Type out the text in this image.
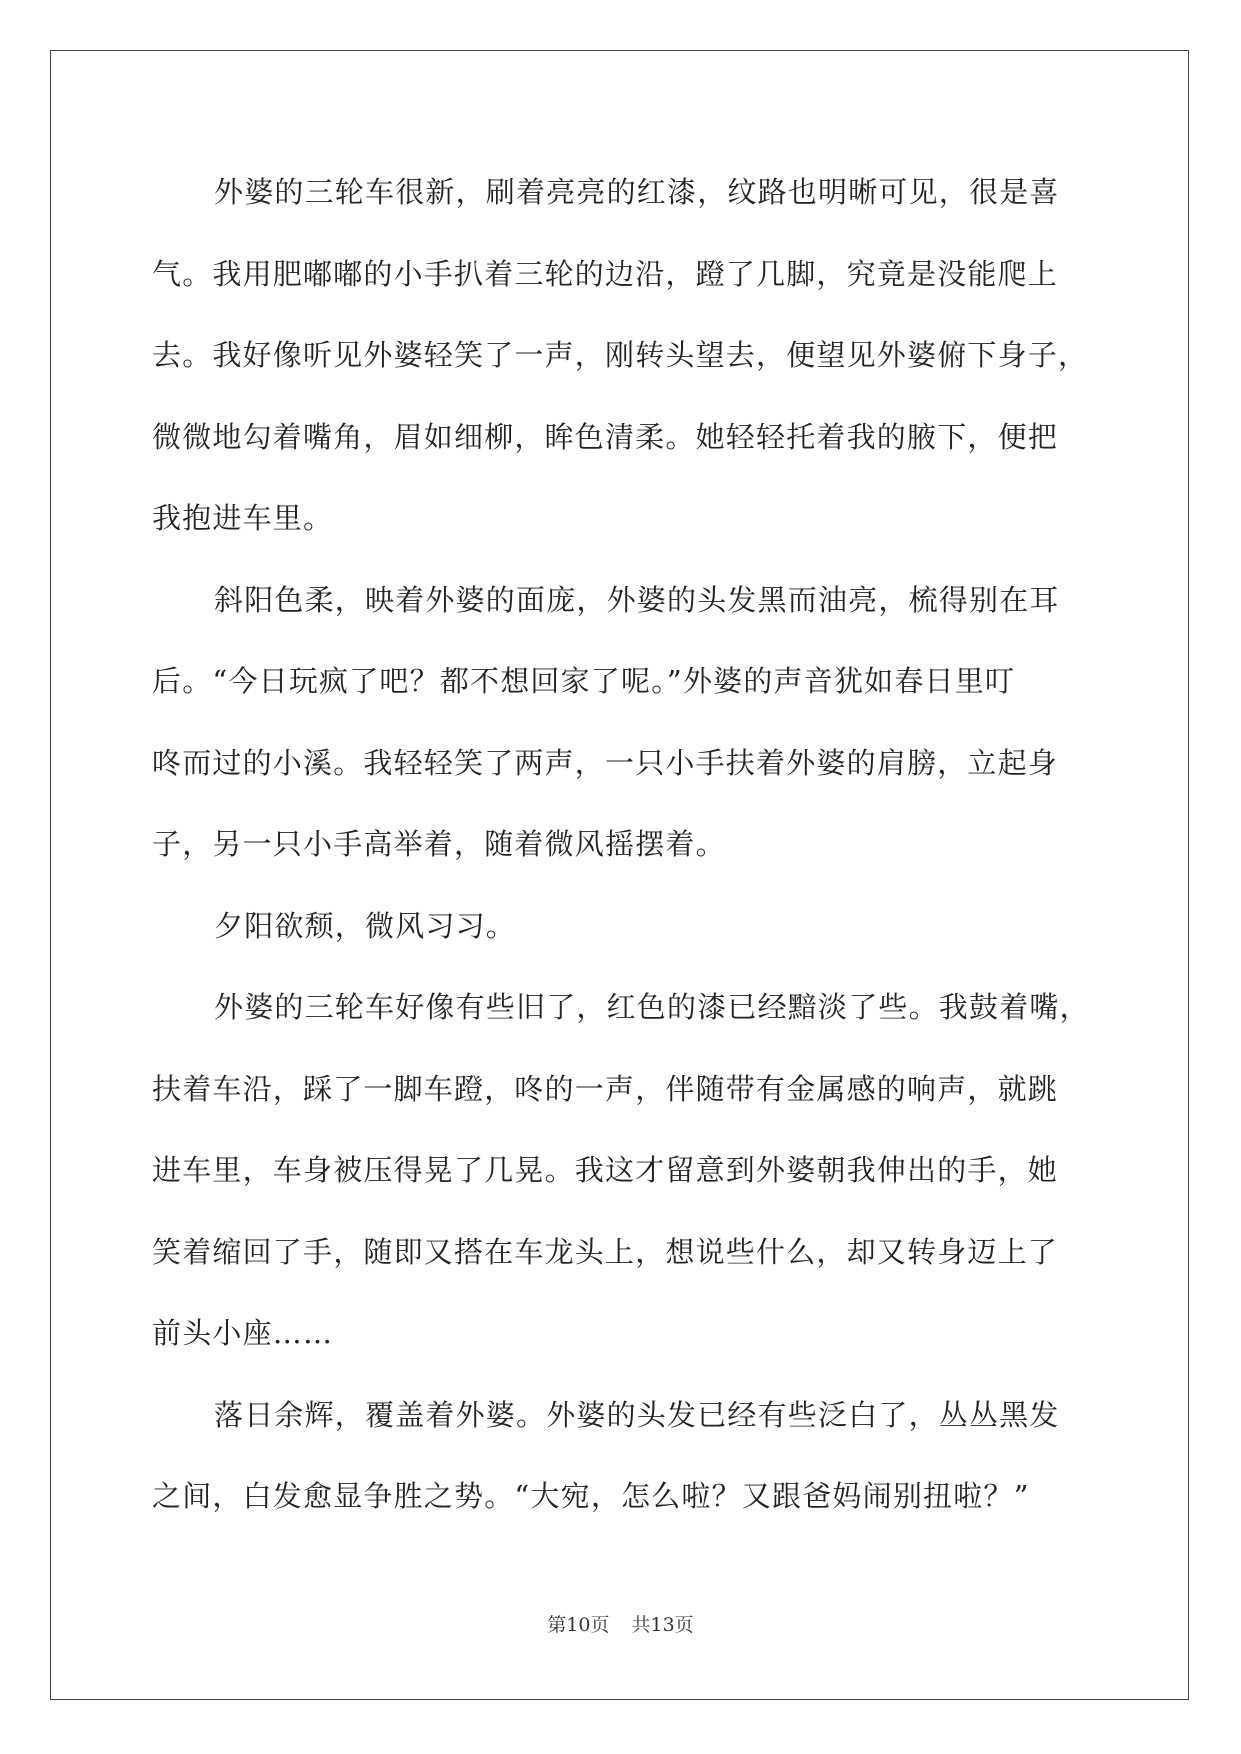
外婆的三轮车很新，刷着亮亮的红漆，纹路也明晰可见，很是喜
气。我用肥嘟嘟的小手扒着三轮的边沿，蹬了几脚，究竟是没能爬上
去。我好像听见外婆轻笑了一声，刚转头望去，便望见外婆俯下身子，
微微地勾着嘴角，眉如细柳，眸色清柔。她轻轻托着我的腋下，便把
我抱进车里。
斜阳色柔，映着外婆的面庞，外婆的头发黑而油亮，梳得别在耳
后。“今日玩疯了吧？都不想回家了呢。”外婆的声音犹如春日里叮
咚而过的小溪。我轻轻笑了两声，一只小手扶着外婆的肩膀，立起身
子，另一只小手高举着，随着微风摇摆着。
夕阳欲颓，微风习习。
外婆的三轮车好像有些旧了，红色的漆已经黯淡了些。我鼓着嘴，
扶着车沿，踩了一脚车蹬，咚的一声，伴随带有金属感的响声，就跳
进车里，车身被压得晃了几晃。我这才留意到外婆朝我伸出的手，她
笑着缩回了手，随即又搭在车龙头上，想说些什么，却又转身迈上了
前头小座……
落日余辉，覆盖着外婆。外婆的头发已经有些泛白了，丛丛黑发
之间，白发愈显争胜之势。“大宛，怎么啦？又跟爸妈闹别扭啦？”
第10页 共13页
